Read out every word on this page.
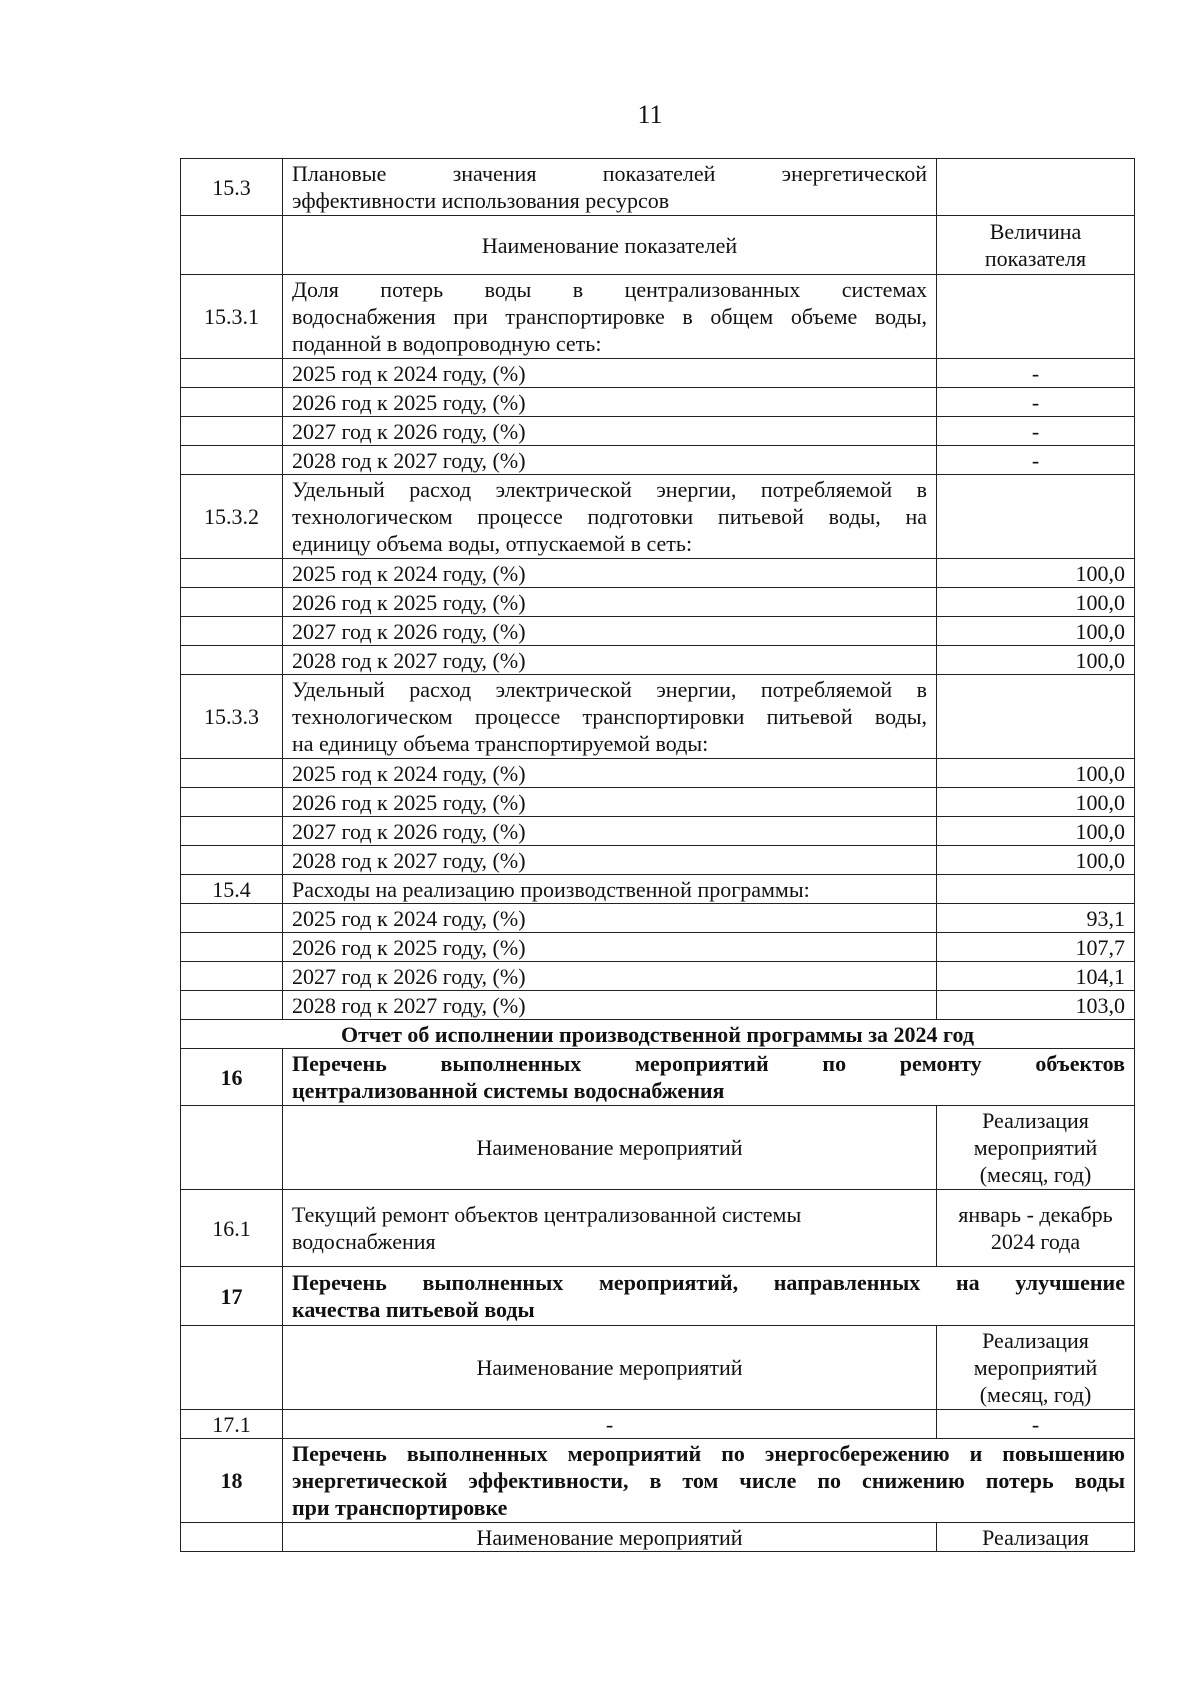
11
15.3	Плановые значения показателей энергетической
эффективности использования ресурсов	

	Наименование показателей	Величина показателя
15.3.1	Доля потерь воды в централизованных системах
водоснабжения при транспортировке в общем объеме воды,
поданной в водопроводную сеть:	

	2025 год к 2024 году, (%)	-
	2026 год к 2025 году, (%)	-
	2027 год к 2026 году, (%)	-
	2028 год к 2027 году, (%)	-
15.3.2	Удельный расход электрической энергии, потребляемой в
технологическом процессе подготовки питьевой воды, на
единицу объема воды, отпускаемой в сеть:	

	2025 год к 2024 году, (%)	100,0
	2026 год к 2025 году, (%)	100,0
	2027 год к 2026 году, (%)	100,0
	2028 год к 2027 году, (%)	100,0
15.3.3	Удельный расход электрической энергии, потребляемой в
технологическом процессе транспортировки питьевой воды,
на единицу объема транспортируемой воды:	

	2025 год к 2024 году, (%)	100,0
	2026 год к 2025 году, (%)	100,0
	2027 год к 2026 году, (%)	100,0
	2028 год к 2027 году, (%)	100,0
15.4	Расходы на реализацию производственной программы:	
	2025 год к 2024 году, (%)	93,1
	2026 год к 2025 году, (%)	107,7
	2027 год к 2026 году, (%)	104,1
	2028 год к 2027 году, (%)	103,0
Отчет об исполнении производственной программы за 2024 год		
16	Перечень выполненных мероприятий по ремонту объектов
централизованной системы водоснабжения	

	Наименование мероприятий	Реализация
мероприятий
(месяц, год)

16.1	Текущий ремонт объектов централизованной системы
водоснабжения	январь - декабрь
2024 года

17	Перечень выполненных мероприятий, направленных на улучшение
качества питьевой воды	

	Наименование мероприятий	Реализация
мероприятий
(месяц, год)

17.1	-	-
18	Перечень выполненных мероприятий по энергосбережению и повышению
энергетической эффективности, в том числе по снижению потерь воды
при транспортировке	

	Наименование мероприятий	Реализация
